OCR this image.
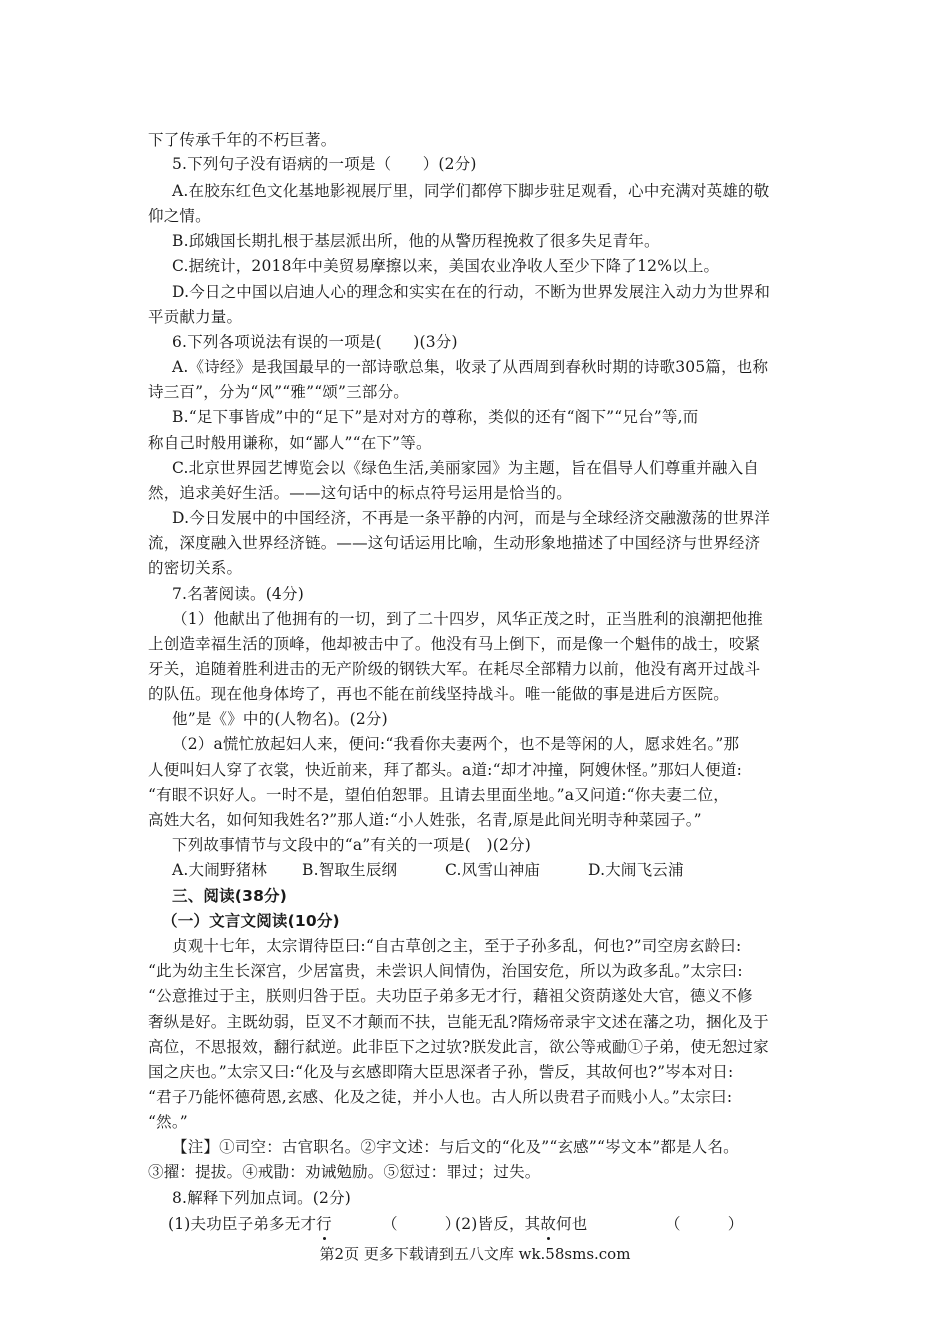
下了传承千年的不朽巨著。
5.下列句子没有语病的一项是（　　）(2分)
A.在胶东红色文化基地影视展厅里，同学们都停下脚步驻足观看，心中充满对英雄的敬
仰之情。
B.邱娥国长期扎根于基层派出所，他的从警历程挽救了很多失足青年。
C.据统计，2018年中美贸易摩擦以来，美国农业净收人至少下降了12%以上。
D.今日之中国以启迪人心的理念和实实在在的行动，不断为世界发展注入动力为世界和
平贡献力量。
6.下列各项说法有误的一项是(　　)(3分)
A.《诗经》是我国最早的一部诗歌总集，收录了从西周到春秋时期的诗歌305篇，也称
诗三百”，分为“风”“雅”“颂”三部分。
B.“足下事皆成”中的“足下”是对对方的尊称，类似的还有“阁下”“兄台”等,而
称自己时般用谦称，如“鄙人”“在下”等。
C.北京世界园艺博览会以《绿色生活,美丽家园》为主题，旨在倡导人们尊重并融入自
然，追求美好生活。——这句话中的标点符号运用是恰当的。
D.今日发展中的中国经济，不再是一条平静的内河，而是与全球经济交融激荡的世界洋
流，深度融入世界经济链。——这句话运用比喻，生动形象地描述了中国经济与世界经济
的密切关系。
7.名著阅读。(4分)
（1）他献出了他拥有的一切，到了二十四岁，风华正茂之时，正当胜利的浪潮把他推
上创造幸福生活的顶峰，他却被击中了。他没有马上倒下，而是像一个魁伟的战士，咬紧
牙关，追随着胜利进击的无产阶级的钢铁大军。在耗尽全部精力以前，他没有离开过战斗
的队伍。现在他身体垮了，再也不能在前线坚持战斗。唯一能做的事是进后方医院。
他”是《》中的(人物名)。(2分)
（2）a慌忙放起妇人来，便问:“我看你夫妻两个，也不是等闲的人，愿求姓名。”那
人便叫妇人穿了衣裳，快近前来，拜了都头。a道:“却才冲撞，阿嫂休怪。”那妇人便道:
“有眼不识好人。一时不是，望伯伯恕罪。且请去里面坐地。”a又问道:“你夫妻二位，
高姓大名，如何知我姓名?”那人道:“小人姓张，名青,原是此间光明寺种菜园子。”
下列故事情节与文段中的“a”有关的一项是(　)(2分)
A.大闹野猪林 B.智取生辰纲	C.风雪山神庙	D.大闹飞云浦
三、阅读(38分)
（一）文言文阅读(10分)
贞观十七年，太宗谓待臣曰:“自古草创之主，至于子孙多乱，何也?”司空房玄龄曰:
“此为幼主生长深宫，少居富贵，未尝识人间情伪，治国安危，所以为政多乱。”太宗曰:
“公意推过于主，朕则归咎于臣。夫功臣子弟多无才行，藉祖父资荫遂处大官，德义不修
奢纵是好。主既幼弱，臣叉不才颠而不扶，岂能无乱?隋炀帝录宇文述在藩之功，捆化及于
高位，不思报效，翻行弑逆。此非臣下之过欤?朕发此言，欲公等戒勔①子弟，使无恕过家
国之庆也。”太宗又曰:“化及与玄感即隋大臣思深者子孙，訾反，其故何也?”岑本对日:
“君子乃能怀德荷恩,玄感、化及之徒，并小人也。古人所以贵君子而贱小人。”太宗曰:
“然。”
【注】①司空：古官职名。②宇文述：与后文的“化及”“玄感”“岑文本”都是人名。
③擢：提拔。④戒勖：劝诫勉励。⑤愆过：罪过；过失。
8.解释下列加点词。(2分)
(1)夫功臣子弟多无才行	（　　　）
(2)皆反，其故何也	（　　　）
第2页 更多下载请到五八文库 wk.58sms.com
